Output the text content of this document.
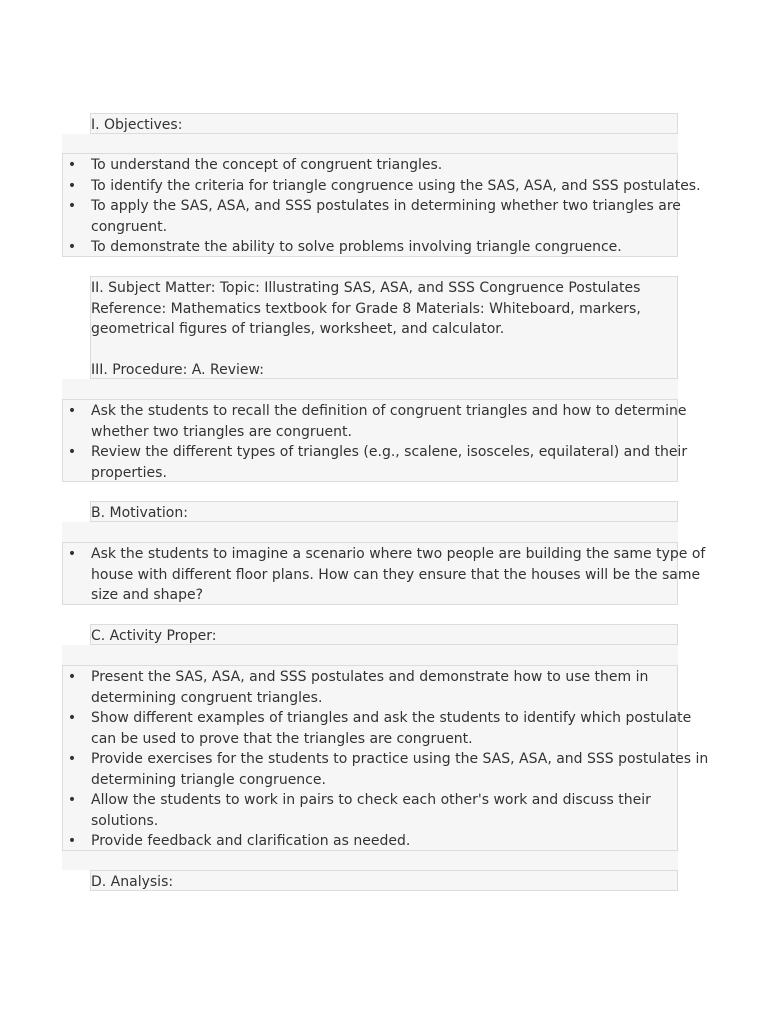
I. Objectives:
• To understand the concept of congruent triangles.
• To identify the criteria for triangle congruence using the SAS, ASA, and SSS postulates.
• To apply the SAS, ASA, and SSS postulates in determining whether two triangles are
congruent.
• To demonstrate the ability to solve problems involving triangle congruence.
II. Subject Matter: Topic: Illustrating SAS, ASA, and SSS Congruence Postulates
Reference: Mathematics textbook for Grade 8 Materials: Whiteboard, markers,
geometrical figures of triangles, worksheet, and calculator.

III. Procedure: A. Review:
• Ask the students to recall the definition of congruent triangles and how to determine
whether two triangles are congruent.
• Review the different types of triangles (e.g., scalene, isosceles, equilateral) and their
properties.
B. Motivation:
• Ask the students to imagine a scenario where two people are building the same type of
house with different floor plans. How can they ensure that the houses will be the same
size and shape?
C. Activity Proper:
• Present the SAS, ASA, and SSS postulates and demonstrate how to use them in
determining congruent triangles.
• Show different examples of triangles and ask the students to identify which postulate
can be used to prove that the triangles are congruent.
• Provide exercises for the students to practice using the SAS, ASA, and SSS postulates in
determining triangle congruence.
• Allow the students to work in pairs to check each other's work and discuss their
solutions.
• Provide feedback and clarification as needed.
D. Analysis:
